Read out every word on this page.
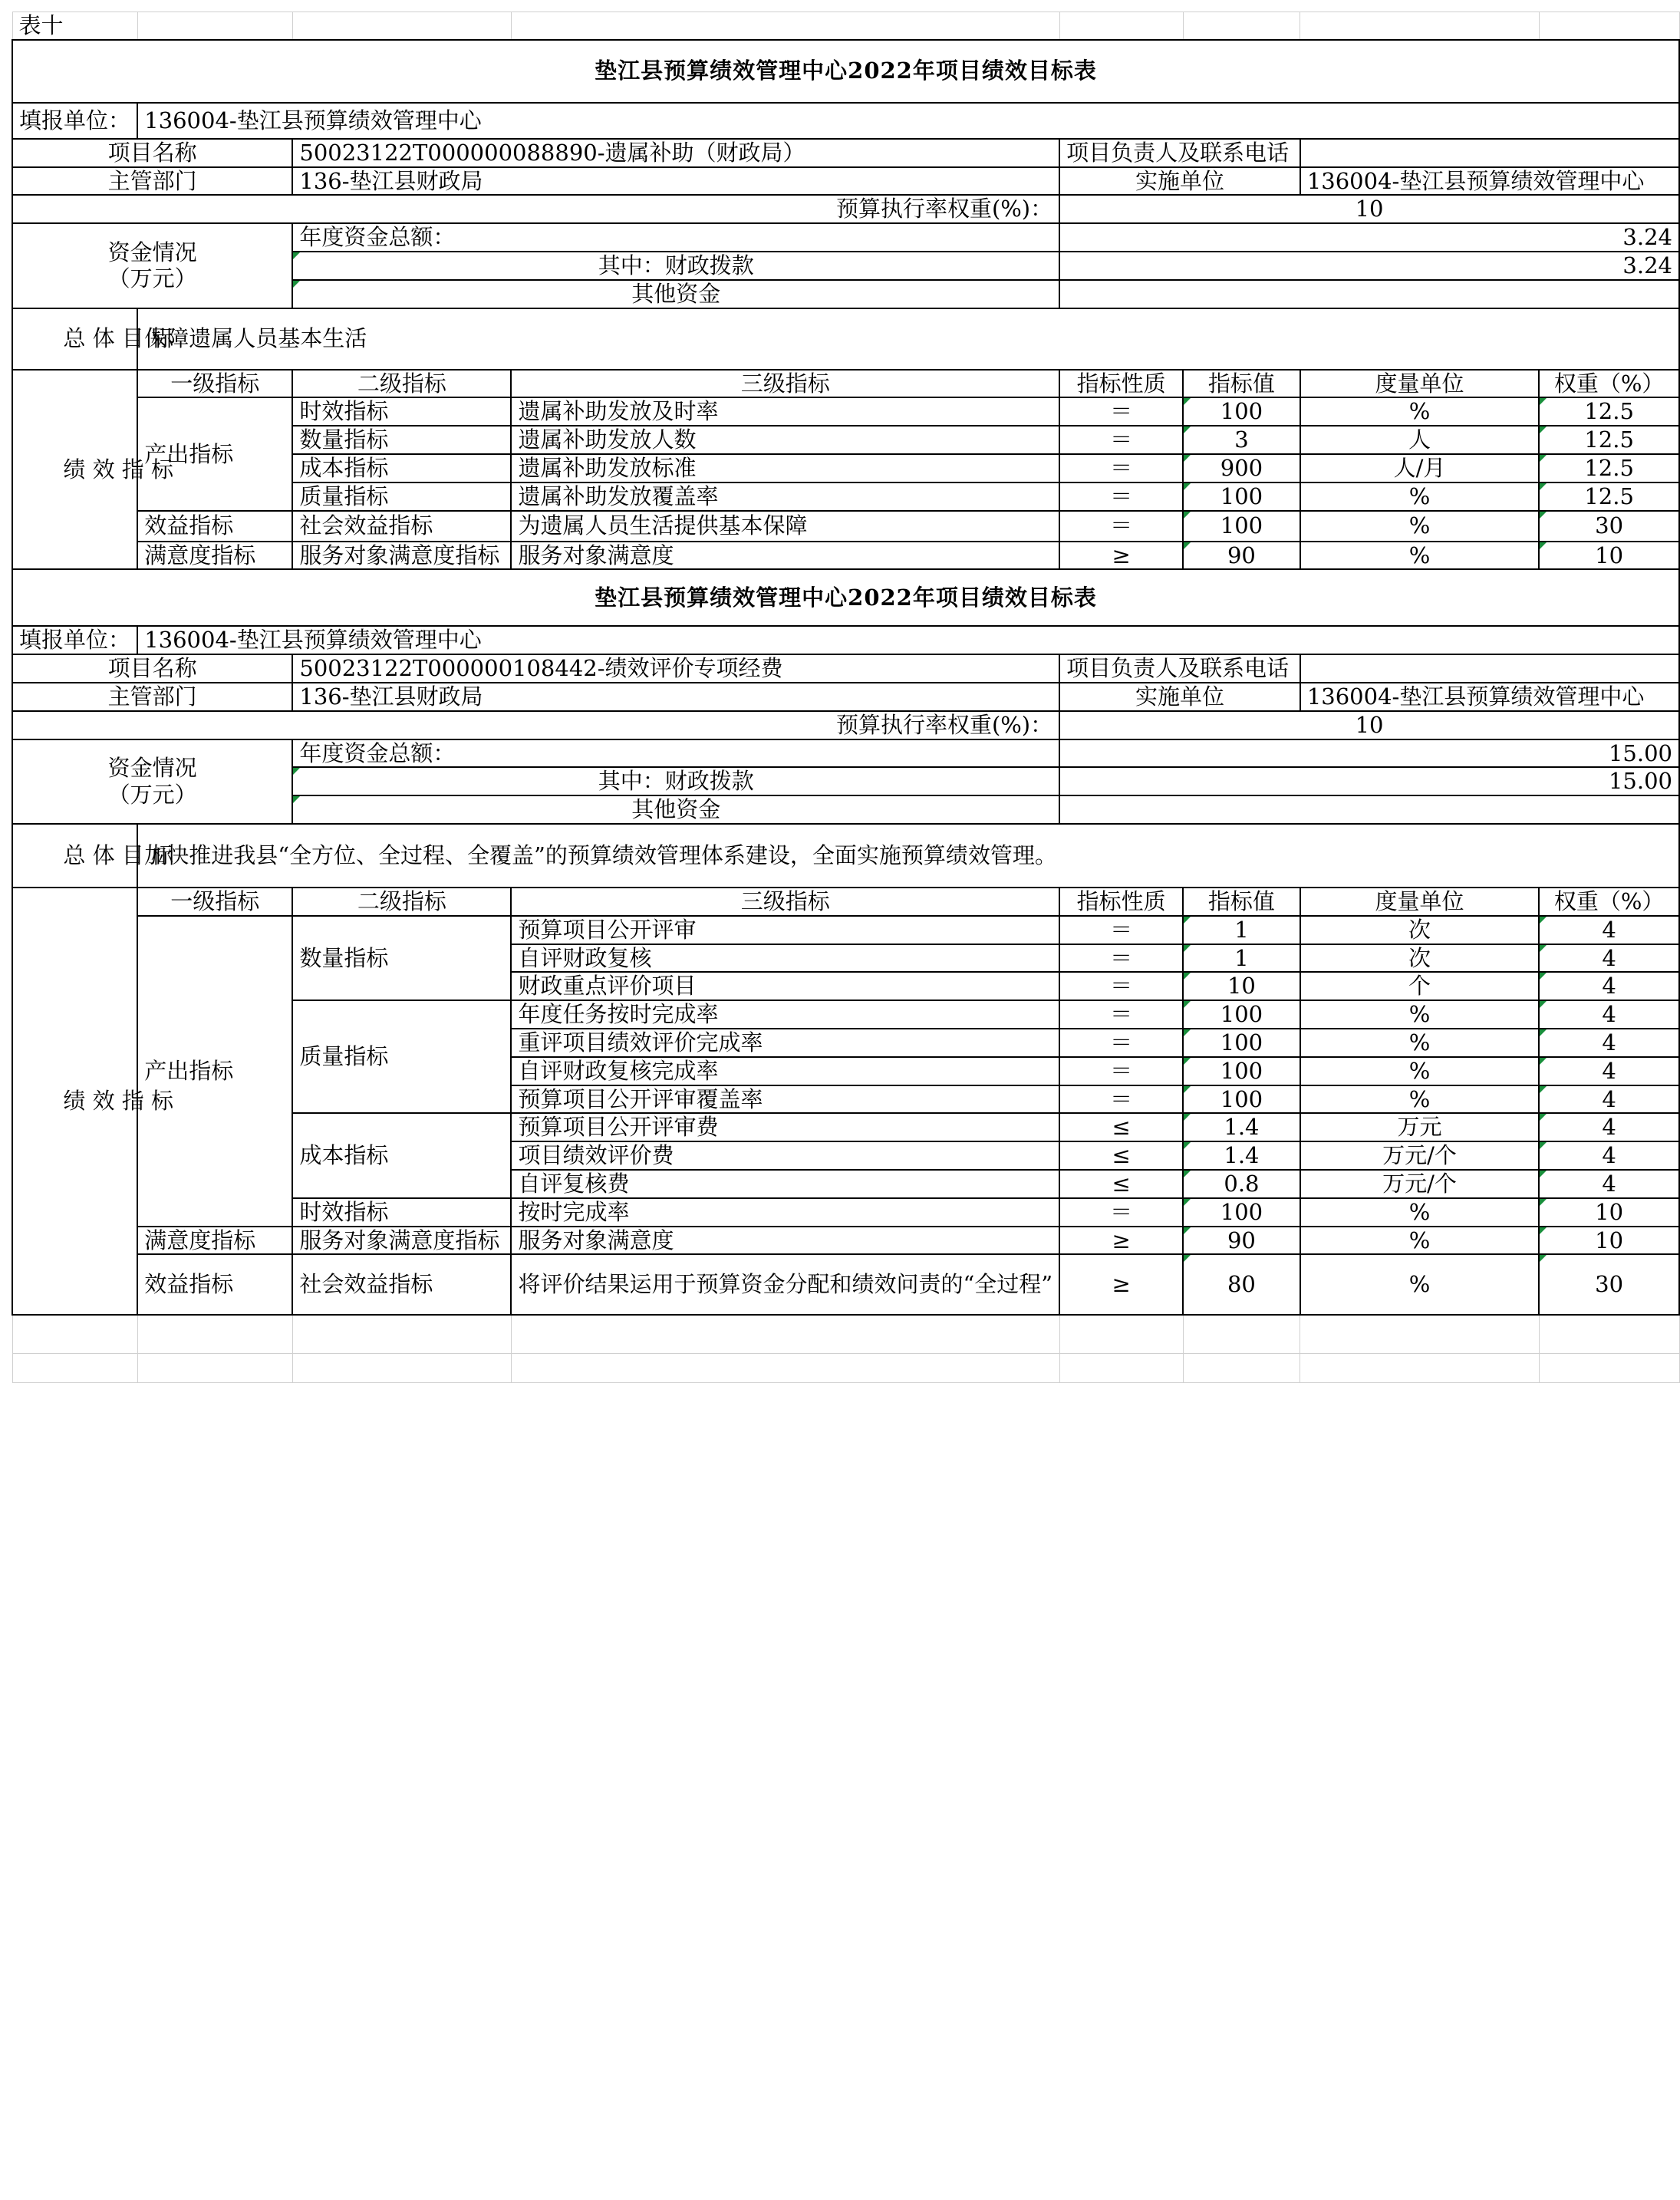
表十							
垫江县预算绩效管理中心2022年项目绩效目标表							
填报单位：	136004-垫江县预算绩效管理中心						
项目名称		50023122T000000088890-遗属补助（财政局）		项目负责人及联系电话			
主管部门		136-垫江县财政局		实施单位		136004-垫江县预算绩效管理中心	
预算执行率权重(%)：				10			
资金情况
（万元）		年度资金总额：		3.24			
		其中：财政拨款		3.24			
		其他资金					

总 体 目 标	保障遗属人员基本生活						

绩 效 指 标	一级指标	二级指标	三级指标	指标性质	指标值	度量单位	权重（%）
	产出指标	时效指标	遗属补助发放及时率	＝	100	%	12.5
		数量指标	遗属补助发放人数	＝	3	人	12.5
		成本指标	遗属补助发放标准	＝	900	人/月	12.5
		质量指标	遗属补助发放覆盖率	＝	100	%	12.5
	效益指标	社会效益指标	为遗属人员生活提供基本保障	＝	100	%	30
	满意度指标	服务对象满意度指标	服务对象满意度	≥	90	%	10
垫江县预算绩效管理中心2022年项目绩效目标表							
填报单位：	136004-垫江县预算绩效管理中心						
项目名称		50023122T000000108442-绩效评价专项经费		项目负责人及联系电话			
主管部门		136-垫江县财政局		实施单位		136004-垫江县预算绩效管理中心	
预算执行率权重(%)：				10			
资金情况
（万元）		年度资金总额：		15.00			
		其中：财政拨款		15.00			
		其他资金					

总 体 目 标	加快推进我县“全方位、全过程、全覆盖”的预算绩效管理体系建设，全面实施预算绩效管理。						

绩 效 指 标	一级指标	二级指标	三级指标	指标性质	指标值	度量单位	权重（%）
	产出指标	数量指标	预算项目公开评审	＝	1	次	4
			自评财政复核	＝	1	次	4
			财政重点评价项目	＝	10	个	4
		质量指标	年度任务按时完成率	＝	100	%	4
			重评项目绩效评价完成率	＝	100	%	4
			自评财政复核完成率	＝	100	%	4
			预算项目公开评审覆盖率	＝	100	%	4
		成本指标	预算项目公开评审费	≤	1.4	万元	4
			项目绩效评价费	≤	1.4	万元/个	4
			自评复核费	≤	0.8	万元/个	4
		时效指标	按时完成率	＝	100	%	10
	满意度指标	服务对象满意度指标	服务对象满意度	≥	90	%	10
	效益指标	社会效益指标	将评价结果运用于预算资金分配和绩效问责的“全过程”	≥	80	%	30
